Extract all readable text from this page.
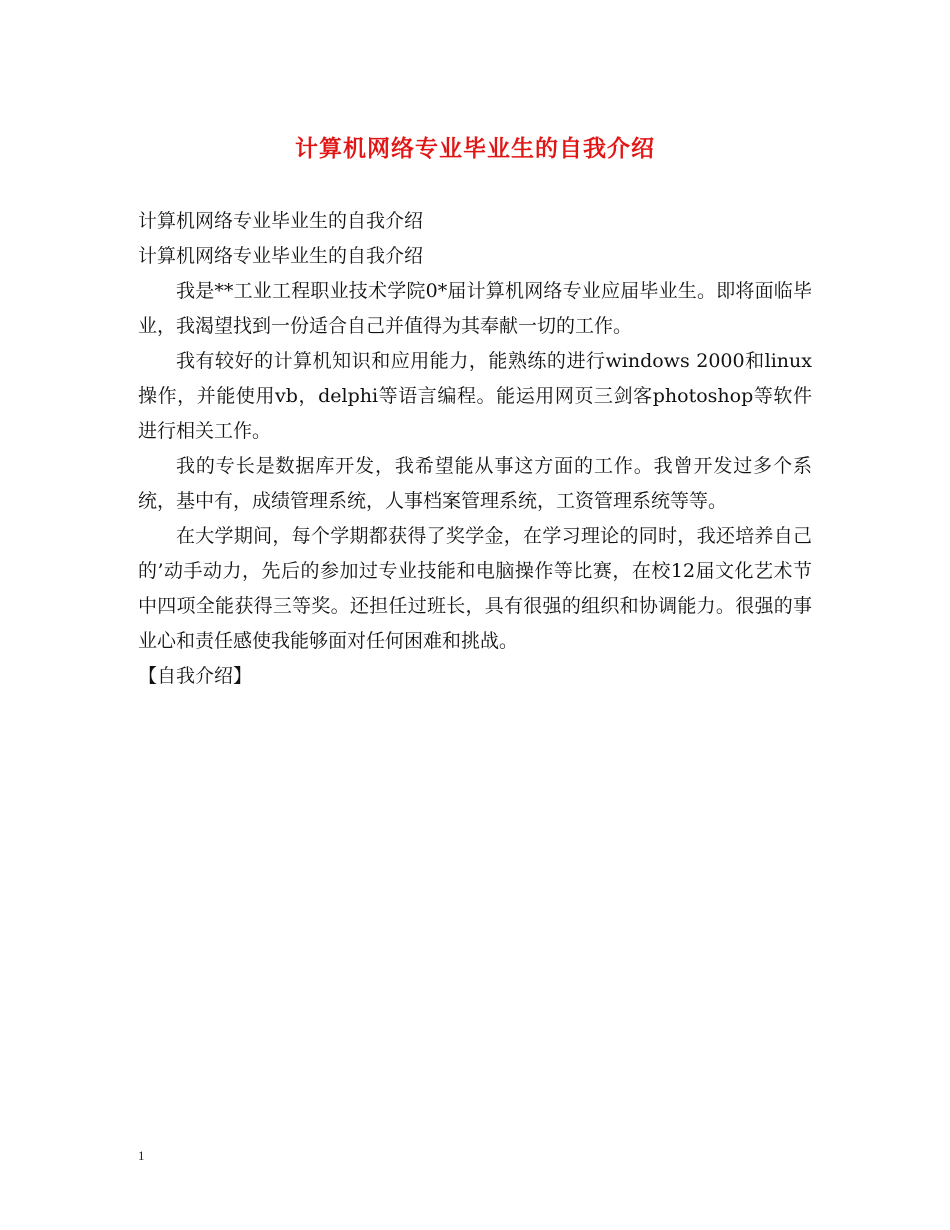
计算机网络专业毕业生的自我介绍

计算机网络专业毕业生的自我介绍

计算机网络专业毕业生的自我介绍

我是**工业工程职业技术学院0*届计算机网络专业应届毕业生。即将面临毕业，我渴望找到一份适合自己并值得为其奉献一切的工作。

我有较好的计算机知识和应用能力，能熟练的进行windows 2000和linux操作，并能使用vb，delphi等语言编程。能运用网页三剑客photoshop等软件进行相关工作。

我的专长是数据库开发，我希望能从事这方面的工作。我曾开发过多个系统，基中有，成绩管理系统，人事档案管理系统，工资管理系统等等。

在大学期间，每个学期都获得了奖学金，在学习理论的同时，我还培养自己的’动手动力，先后的参加过专业技能和电脑操作等比赛，在校12届文化艺术节中四项全能获得三等奖。还担任过班长，具有很强的组织和协调能力。很强的事业心和责任感使我能够面对任何困难和挑战。

【自我介绍】

1
